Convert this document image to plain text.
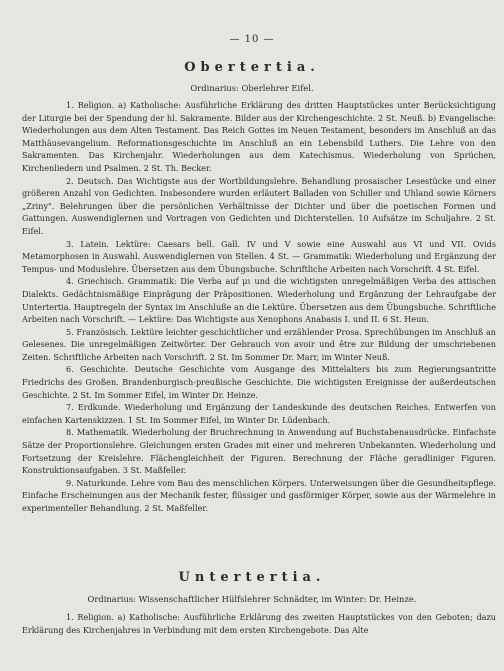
— 10 —
Obertertia.
Ordinarius: Oberlehrer Eifel.

1. Religion. a) Katholische: Ausführliche Erklärung des dritten Hauptstückes unter Berücksichtigung der Liturgie bei der Spendung der hl. Sakramente. Bilder aus der Kirchengeschichte. 2 St. Neuß. b) Evangelische: Wiederholungen aus dem Alten Testament. Das Reich Gottes im Neuen Testament, besonders im Anschluß an das Matthäusevangelium. Reformationsgeschichte im Anschluß an ein Lebensbild Luthers. Die Lehre von den Sakramenten. Das Kirchenjahr. Wiederholungen aus dem Katechismus. Wiederholung von Sprüchen, Kirchenliedern und Psalmen. 2 St. Th. Becker.

2. Deutsch. Das Wichtigste aus der Wortbildungslehre. Behandlung prosaischer Lesestücke und einer größeren Anzahl von Gedichten. Insbesondere wurden erläutert Balladen von Schiller und Uhland sowie Körners „Zriny". Belehrungen über die persönlichen Verhältnisse der Dichter und über die poetischen Formen und Gattungen. Auswendiglernen und Vortragen von Gedichten und Dichterstellen. 10 Aufsätze im Schuljahre. 2 St. Eifel.

3. Latein. Lektüre: Caesars bell. Gall. IV und V sowie eine Auswahl aus VI und VII. Ovids Metamorphosen in Auswahl. Auswendiglernen von Stellen. 4 St. — Grammatik: Wiederholung und Ergänzung der Tempus- und Moduslehre. Übersetzen aus dem Übungsbuche. Schriftliche Arbeiten nach Vorschrift. 4 St. Eifel.

4. Griechisch. Grammatik: Die Verba auf μι und die wichtigsten unregelmäßigen Verba des attischen Dialekts. Gedächtnismäßige Einprägung der Präpositionen. Wiederholung und Ergänzung der Lehraufgabe der Untertertia. Hauptregeln der Syntax im Anschluße an die Lektüre. Übersetzen aus dem Übungsbuche. Schriftliche Arbeiten nach Vorschrift. — Lektüre: Das Wichtigste aus Xenophons Anabasis I. und II. 6 St. Heun.

5. Französisch. Lektüre leichter geschichtlicher und erzählender Prosa. Sprechübungen im Anschluß an Gelesenes. Die unregelmäßigen Zeitwörter. Der Gebrauch von avoir und être zur Bildung der umschriebenen Zeiten. Schriftliche Arbeiten nach Vorschrift. 2 St. Im Sommer Dr. Marr, im Winter Neuß.

6. Geschichte. Deutsche Geschichte vom Ausgange des Mittelalters bis zum Regierungsantritte Friedrichs des Großen. Brandenburgisch-preußische Geschichte. Die wichtigsten Ereignisse der außerdeutschen Geschichte. 2 St. Im Sommer Eifel, im Winter Dr. Heinze.

7. Erdkunde. Wiederholung und Ergänzung der Landeskunde des deutschen Reiches. Entwerfen von einfachen Kartenskizzen. 1 St. Im Sommer Eifel, im Winter Dr. Lüdenbach.

8. Mathematik. Wiederholung der Bruchrechnung in Anwendung auf Buchstabenausdrücke. Einfachste Sätze der Proportionslehre. Gleichungen ersten Grades mit einer und mehreren Unbekannten. Wiederholung und Fortsetzung der Kreislehre. Flächengleichheit der Figuren. Berechnung der Fläche geradliniger Figuren. Konstruktionsaufgaben. 3 St. Maßfeller.

9. Naturkunde. Lehre vom Bau des menschlichen Körpers. Unterweisungen über die Gesundheitspflege. Einfache Erscheinungen aus der Mechanik fester, flüssiger und gasförmiger Körper, sowie aus der Wärmelehre in experimenteller Behandlung. 2 St. Maßfeller.

Untertertia.
Ordinarius: Wissenschaftlicher Hülfslehrer Schnädter, im Winter: Dr. Heinze.

1. Religion. a) Katholische: Ausführliche Erklärung des zweiten Hauptstückes von den Geboten; dazu Erklärung des Kirchenjahres in Verbindung mit dem ersten Kirchengebote. Das Alte
